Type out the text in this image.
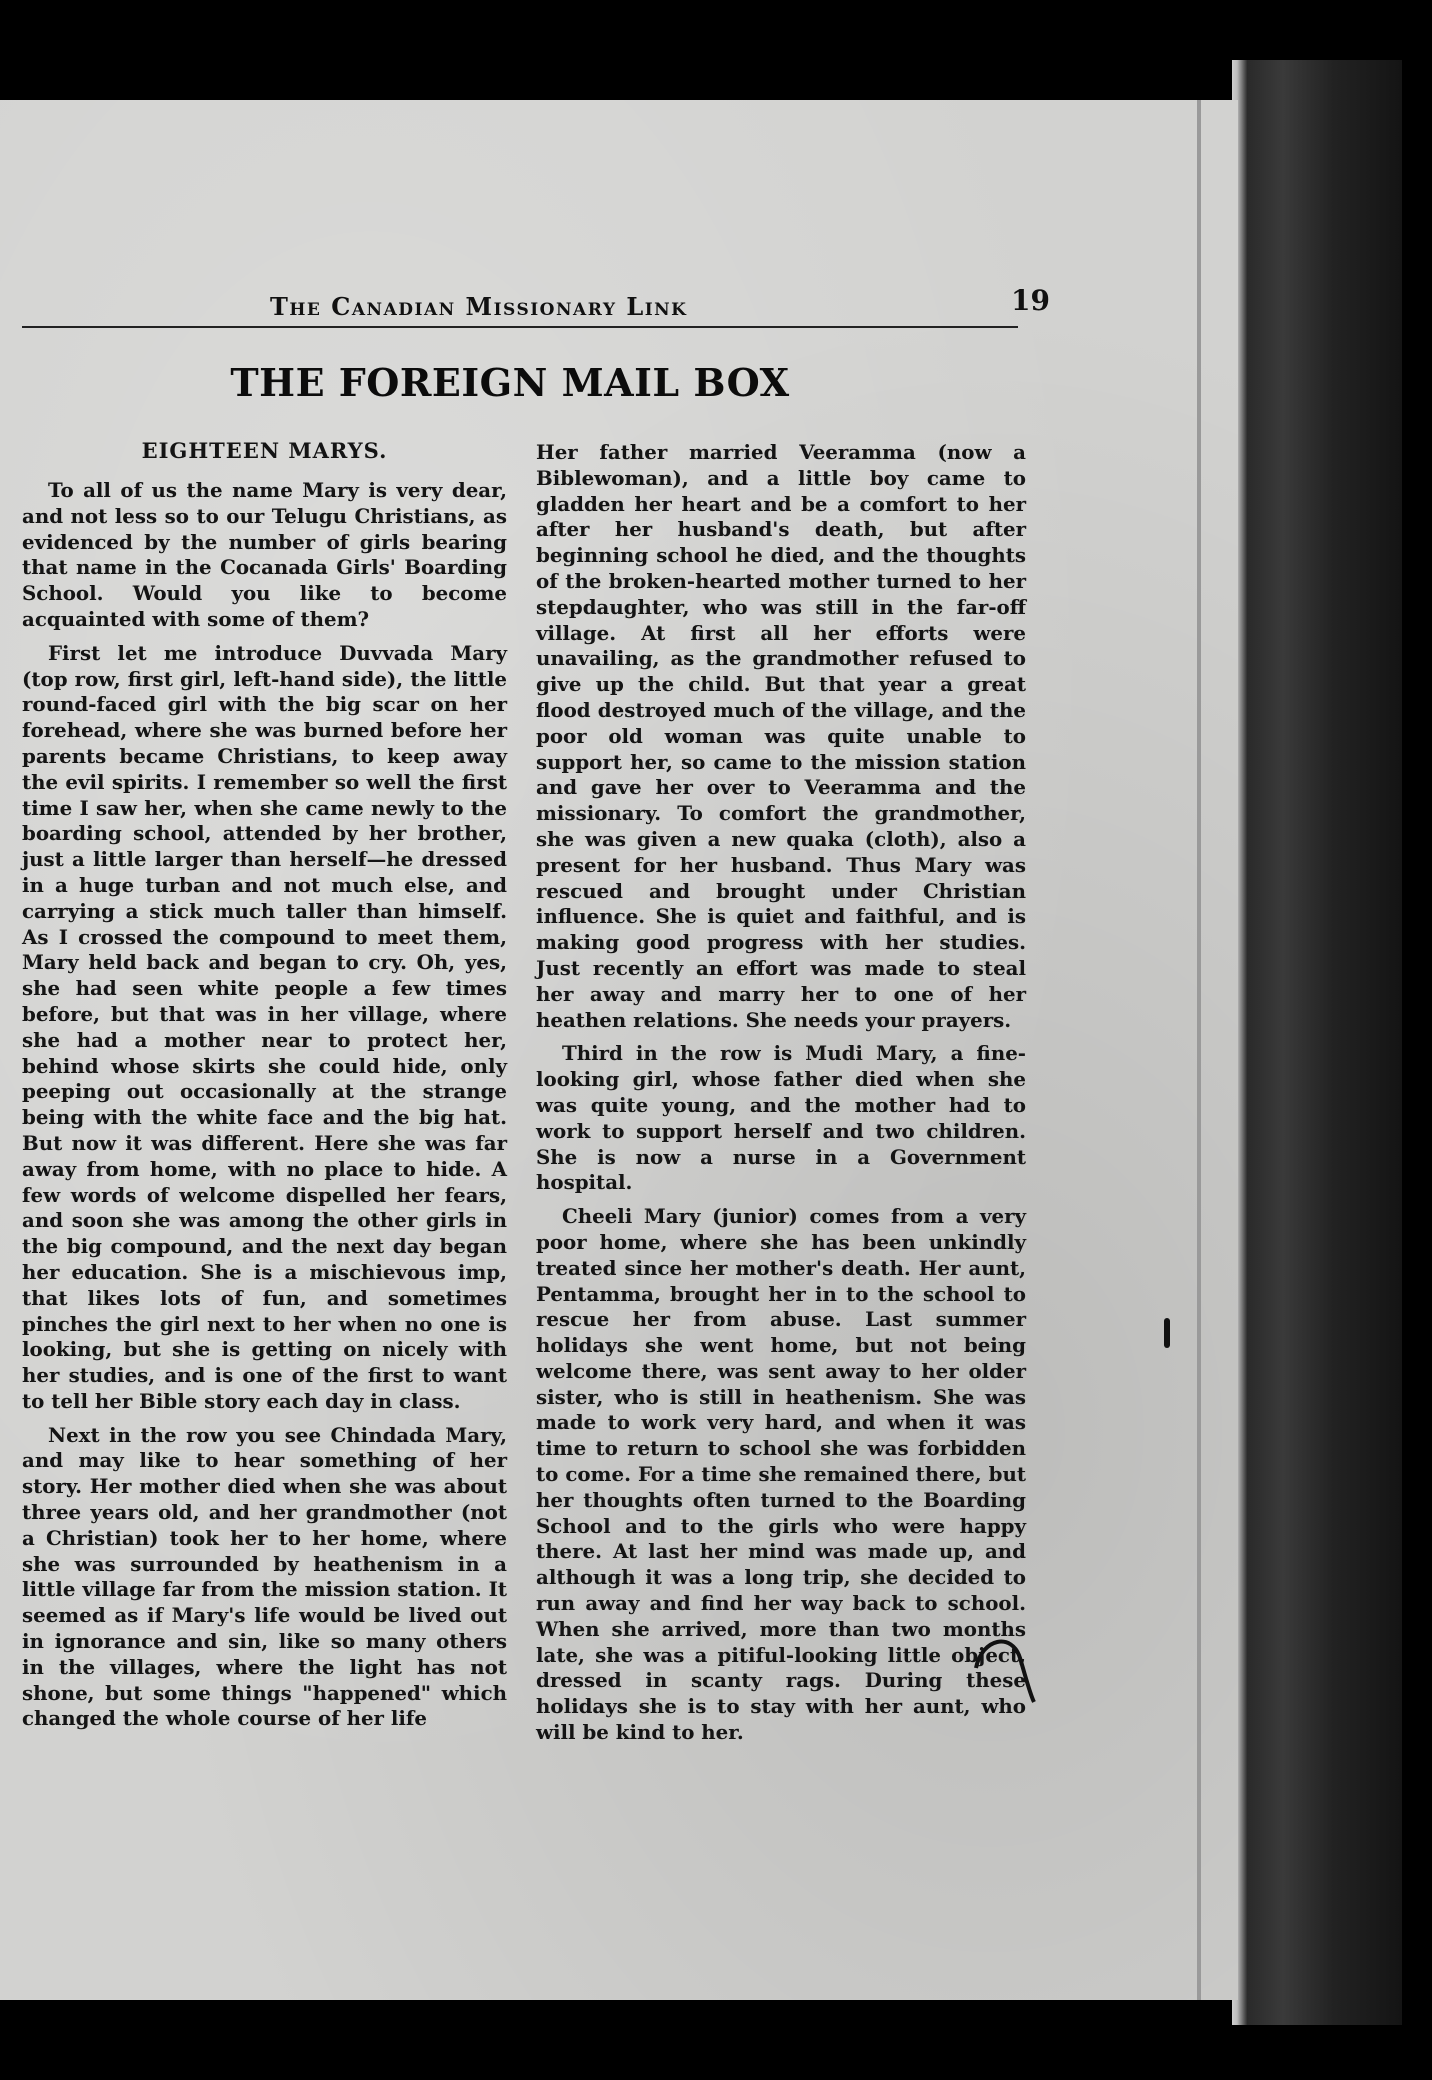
The Canadian Missionary Link	19
THE FOREIGN MAIL BOX
EIGHTEEN MARYS.

To all of us the name Mary is very dear, and not less so to our Telugu Christians, as evidenced by the number of girls bearing that name in the Cocanada Girls' Boarding School. Would you like to become acquainted with some of them?

First let me introduce Duvvada Mary (top row, first girl, left-hand side), the little round-faced girl with the big scar on her forehead, where she was burned before her parents became Christians, to keep away the evil spirits. I remember so well the first time I saw her, when she came newly to the boarding school, attended by her brother, just a little larger than herself—he dressed in a huge turban and not much else, and carrying a stick much taller than himself. As I crossed the compound to meet them, Mary held back and began to cry. Oh, yes, she had seen white people a few times before, but that was in her village, where she had a mother near to protect her, behind whose skirts she could hide, only peeping out occasionally at the strange being with the white face and the big hat. But now it was different. Here she was far away from home, with no place to hide. A few words of welcome dispelled her fears, and soon she was among the other girls in the big compound, and the next day began her education. She is a mischievous imp, that likes lots of fun, and sometimes pinches the girl next to her when no one is looking, but she is getting on nicely with her studies, and is one of the first to want to tell her Bible story each day in class.

Next in the row you see Chindada Mary, and may like to hear something of her story. Her mother died when she was about three years old, and her grandmother (not a Christian) took her to her home, where she was surrounded by heathenism in a little village far from the mission station. It seemed as if Mary's life would be lived out in ignorance and sin, like so many others in the villages, where the light has not shone, but some things "happened" which changed the whole course of her life

Her father married Veeramma (now a Biblewoman), and a little boy came to gladden her heart and be a comfort to her after her husband's death, but after beginning school he died, and the thoughts of the broken-hearted mother turned to her stepdaughter, who was still in the far-off village. At first all her efforts were unavailing, as the grandmother refused to give up the child. But that year a great flood destroyed much of the village, and the poor old woman was quite unable to support her, so came to the mission station and gave her over to Veeramma and the missionary. To comfort the grandmother, she was given a new quaka (cloth), also a present for her husband. Thus Mary was rescued and brought under Christian influence. She is quiet and faithful, and is making good progress with her studies. Just recently an effort was made to steal her away and marry her to one of her heathen relations. She needs your prayers.

Third in the row is Mudi Mary, a fine-looking girl, whose father died when she was quite young, and the mother had to work to support herself and two children. She is now a nurse in a Government hospital.

Cheeli Mary (junior) comes from a very poor home, where she has been unkindly treated since her mother's death. Her aunt, Pentamma, brought her in to the school to rescue her from abuse. Last summer holidays she went home, but not being welcome there, was sent away to her older sister, who is still in heathenism. She was made to work very hard, and when it was time to return to school she was forbidden to come. For a time she remained there, but her thoughts often turned to the Boarding School and to the girls who were happy there. At last her mind was made up, and although it was a long trip, she decided to run away and find her way back to school. When she arrived, more than two months late, she was a pitiful-looking little object, dressed in scanty rags. During these holidays she is to stay with her aunt, who will be kind to her.
